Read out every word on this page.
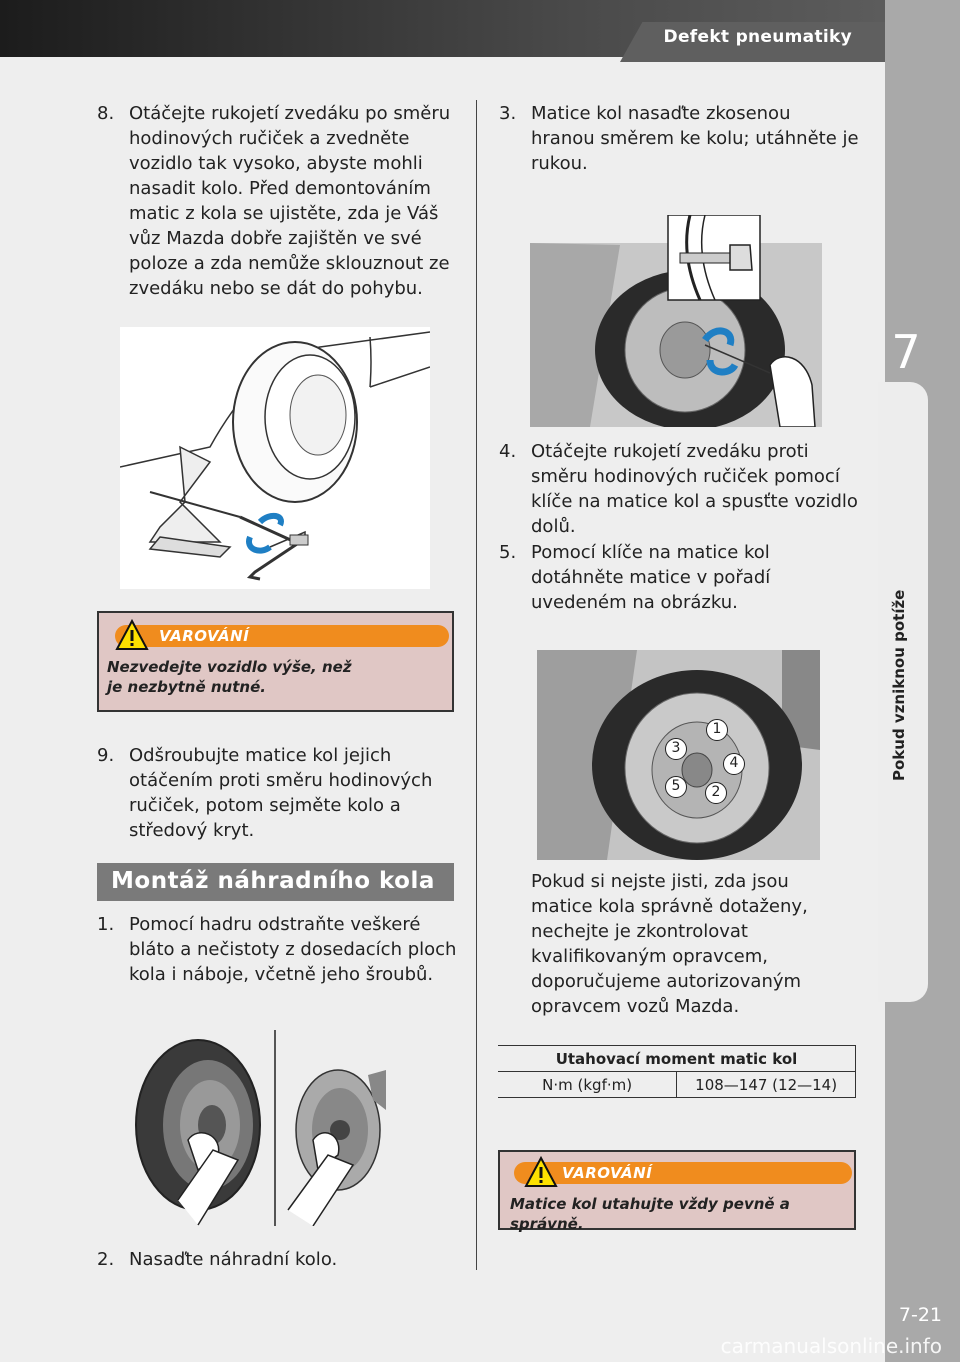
Defekt pneumatiky
7
Pokud vzniknou potíže
7-21
carmanualsonline.info
8. Otáčejte rukojetí zvedáku po směru hodinových ručiček a zvedněte vozidlo tak vysoko, abyste mohli nasadit kolo. Před demontováním matic z kola se ujistěte, zda je Váš vůz Mazda dobře zajištěn ve své poloze a zda nemůže sklouznout ze zvedáku nebo se dát do pohybu.
VAROVÁNÍ
Nezvedejte vozidlo výše, než je nezbytně nutné.
9. Odšroubujte matice kol jejich otáčením proti směru hodinových ručiček, potom sejměte kolo a středový kryt.
Montáž náhradního kola
1. Pomocí hadru odstraňte veškeré bláto a nečistoty z dosedacích ploch kola i náboje, včetně jeho šroubů.
2. Nasaďte náhradní kolo.
3. Matice kol nasaďte zkosenou hranou směrem ke kolu; utáhněte je rukou.
4. Otáčejte rukojetí zvedáku proti směru hodinových ručiček pomocí klíče na matice kol a spusťte vozidlo dolů.
5. Pomocí klíče na matice kol dotáhněte matice v pořadí uvedeném na obrázku.
1
2
3
4
5
Pokud si nejste jisti, zda jsou matice kola správně dotaženy, nechejte je zkontrolovat kvalifikovaným opravcem, doporučujeme autorizovaným opravcem vozů Mazda.
Utahovací moment matic kol
N·m (kgf·m)	108—147 (12—14)
VAROVÁNÍ
Matice kol utahujte vždy pevně a správně.
